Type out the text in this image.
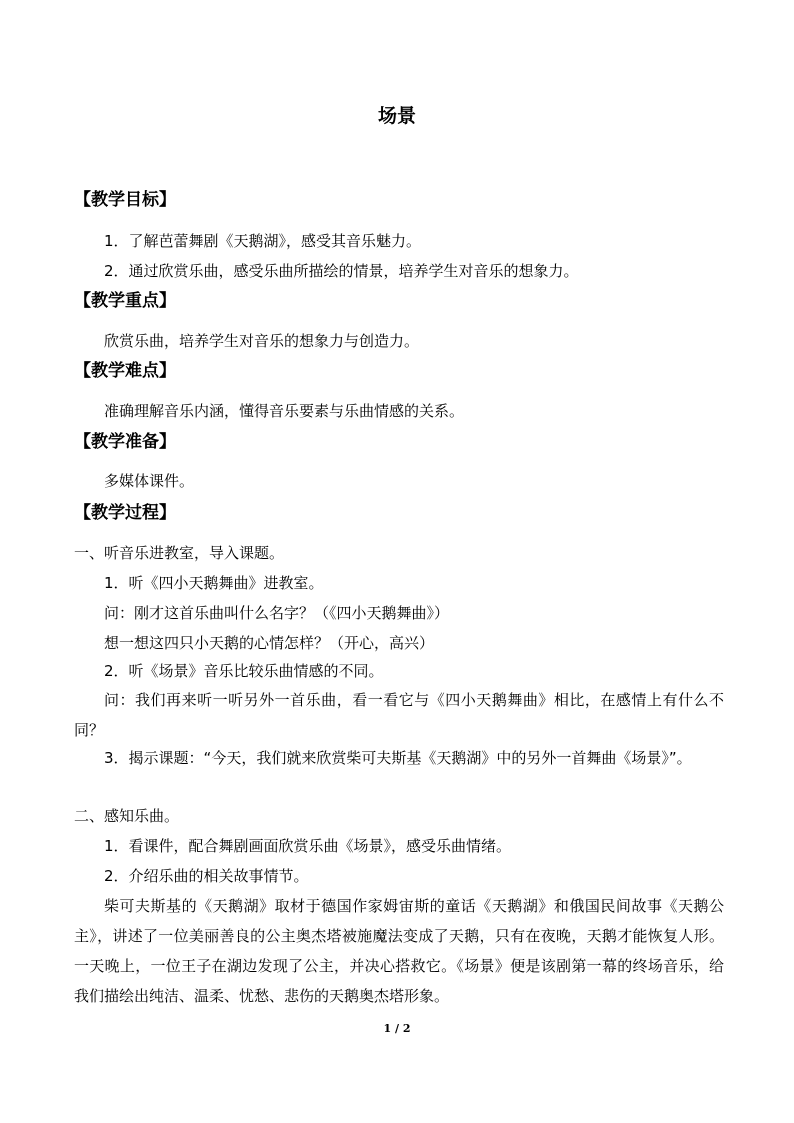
场景
【教学目标】
1．了解芭蕾舞剧《天鹅湖》，感受其音乐魅力。
2．通过欣赏乐曲，感受乐曲所描绘的情景，培养学生对音乐的想象力。
【教学重点】
欣赏乐曲，培养学生对音乐的想象力与创造力。
【教学难点】
准确理解音乐内涵，懂得音乐要素与乐曲情感的关系。
【教学准备】
多媒体课件。
【教学过程】
一、听音乐进教室，导入课题。
1．听《四小天鹅舞曲》进教室。
问：刚才这首乐曲叫什么名字？（《四小天鹅舞曲》）
想一想这四只小天鹅的心情怎样？（开心，高兴）
2．听《场景》音乐比较乐曲情感的不同。
问：我们再来听一听另外一首乐曲，看一看它与《四小天鹅舞曲》相比，在感情上有什么不同？
3．揭示课题：“今天，我们就来欣赏柴可夫斯基《天鹅湖》中的另外一首舞曲《场景》”。
二、感知乐曲。
1．看课件，配合舞剧画面欣赏乐曲《场景》，感受乐曲情绪。
2．介绍乐曲的相关故事情节。
柴可夫斯基的《天鹅湖》取材于德国作家姆宙斯的童话《天鹅湖》和俄国民间故事《天鹅公主》，讲述了一位美丽善良的公主奥杰塔被施魔法变成了天鹅，只有在夜晚，天鹅才能恢复人形。一天晚上，一位王子在湖边发现了公主，并决心搭救它。《场景》便是该剧第一幕的终场音乐，给我们描绘出纯洁、温柔、忧愁、悲伤的天鹅奥杰塔形象。
1 / 2
